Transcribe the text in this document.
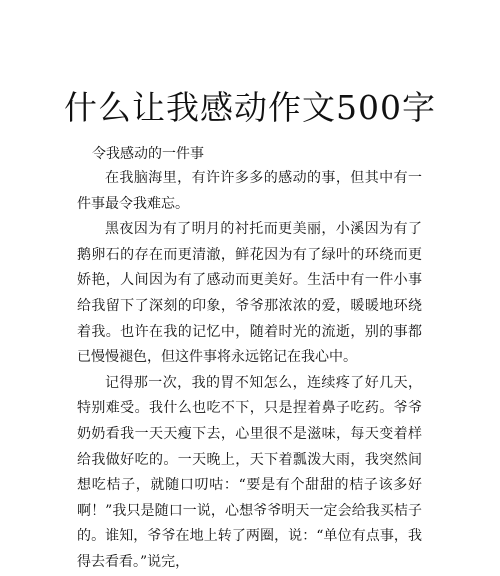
什么让我感动作文500字

令我感动的一件事

在我脑海里，有许许多多的感动的事，但其中有一件事最令我难忘。

黑夜因为有了明月的衬托而更美丽，小溪因为有了鹅卵石的存在而更清澈，鲜花因为有了绿叶的环绕而更娇艳，人间因为有了感动而更美好。生活中有一件小事给我留下了深刻的印象，爷爷那浓浓的爱，暖暖地环绕着我。也许在我的记忆中，随着时光的流逝，别的事都已慢慢褪色，但这件事将永远铭记在我心中。

记得那一次，我的胃不知怎么，连续疼了好几天，特别难受。我什么也吃不下，只是捏着鼻子吃药。爷爷奶奶看我一天天瘦下去，心里很不是滋味，每天变着样给我做好吃的。一天晚上，天下着瓢泼大雨，我突然间想吃桔子，就随口叨咕：“要是有个甜甜的桔子该多好啊！”我只是随口一说，心想爷爷明天一定会给我买桔子的。谁知，爷爷在地上转了两圈，说：“单位有点事，我得去看看。”说完，
